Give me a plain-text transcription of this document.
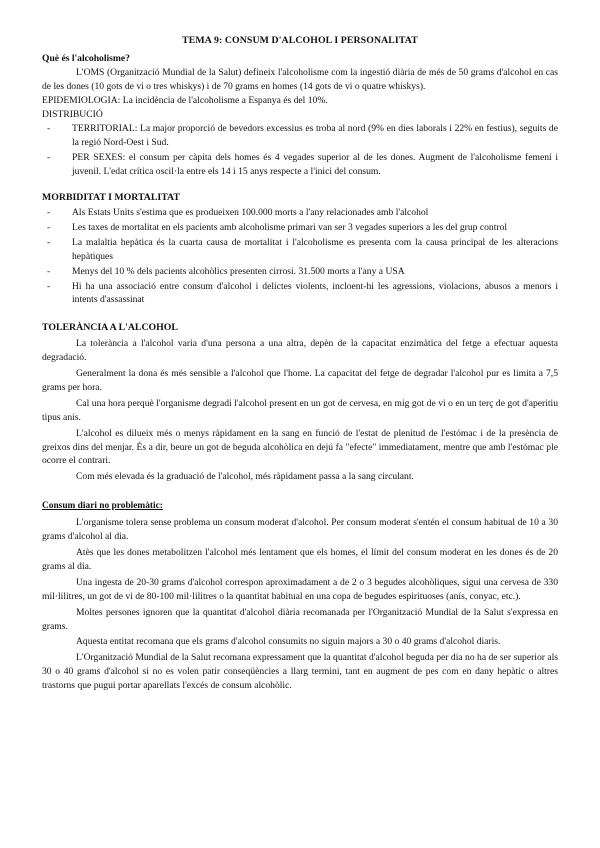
TEMA 9: CONSUM D'ALCOHOL I PERSONALITAT
Què és l'alcoholisme?

L'OMS (Organització Mundial de la Salut) defineix l'alcoholisme com la ingestió diària de més de 50 grams d'alcohol en cas de les dones (10 gots de vi o tres whiskys) i de 70 grams en homes (14 gots de vi o quatre whiskys).

EPIDEMIOLOGIA: La incidència de l'alcoholisme a Espanya és del 10%.

DISTRIBUCIÓ

- TERRITORIAL: La major proporció de bevedors excessius es troba al nord (9% en dies laborals i 22% en festius), seguits de la regió Nord-Oest i Sud.
- PER SEXES: el consum per càpita dels homes és 4 vegades superior al de les dones. Augment de l'alcoholisme femení i juvenil. L'edat crítica oscil·la entre els 14 i 15 anys respecte a l'inici del consum.
MORBIDITAT I MORTALITAT
- Als Estats Units s'estima que es produeixen 100.000 morts a l'any relacionades amb l'alcohol
- Les taxes de mortalitat en els pacients amb alcoholisme primari van ser 3 vegades superiors a les del grup control
- La malaltia hepàtica és la cuarta causa de mortalitat i l'alcoholisme es presenta com la causa principal de les alteracions hepàtiques
- Menys del 10 % dels pacients alcohòlics presenten cirrosi. 31.500 morts a l'any a USA
- Hi ha una associació entre consum d'alcohol i delictes violents, incloent-hi les agressions, violacions, abusos a menors i intents d'assassinat
TOLERÀNCIA A L'ALCOHOL

La tolerància a l'alcohol varia d'una persona a una altra, depèn de la capacitat enzimàtica del fetge a efectuar aquesta degradació.

Generalment la dona és més sensible a l'alcohol que l'home. La capacitat del fetge de degradar l'alcohol pur es limita a 7,5 grams per hora.

Cal una hora perquè l'organisme degradi l'alcohol present en un got de cervesa, en mig got de vi o en un terç de got d'aperitiu tipus anís.

L'alcohol es dilueix més o menys ràpidament en la sang en funció de l'estat de plenitud de l'estómac i de la presència de greixos dins del menjar. És a dir, beure un got de beguda alcohòlica en dejú fa "efecte" immediatament, mentre que amb l'estómac ple ocorre el contrari.

Com més elevada és la graduació de l'alcohol, més ràpidament passa a la sang circulant.

Consum diari no problemàtic:

L'organisme tolera sense problema un consum moderat d'alcohol. Per consum moderat s'entén el consum habitual de 10 a 30 grams d'alcohol al dia.

Atès que les dones metabolitzen l'alcohol més lentament que els homes, el límit del consum moderat en les dones és de 20 grams al dia.

Una ingesta de 20-30 grams d'alcohol correspon aproximadament a de 2 o 3 begudes alcohòliques, sigui una cervesa de 330 mil·lilitres, un got de vi de 80-100 mil·lilitres o la quantitat habitual en una copa de begudes espirituoses (anís, conyac, etc.).

Moltes persones ignoren que la quantitat d'alcohol diària recomanada per l'Organització Mundial de la Salut s'expressa en grams.

Aquesta entitat recomana que els grams d'alcohol consumits no siguin majors a 30 o 40 grams d'alcohol diaris.

L'Organització Mundial de la Salut recomana expressament que la quantitat d'alcohol beguda per dia no ha de ser superior als 30 o 40 grams d'alcohol si no es volen patir conseqüències a llarg termini, tant en augment de pes com en dany hepàtic o altres trastorns que pugui portar aparellats l'excés de consum alcohòlic.
